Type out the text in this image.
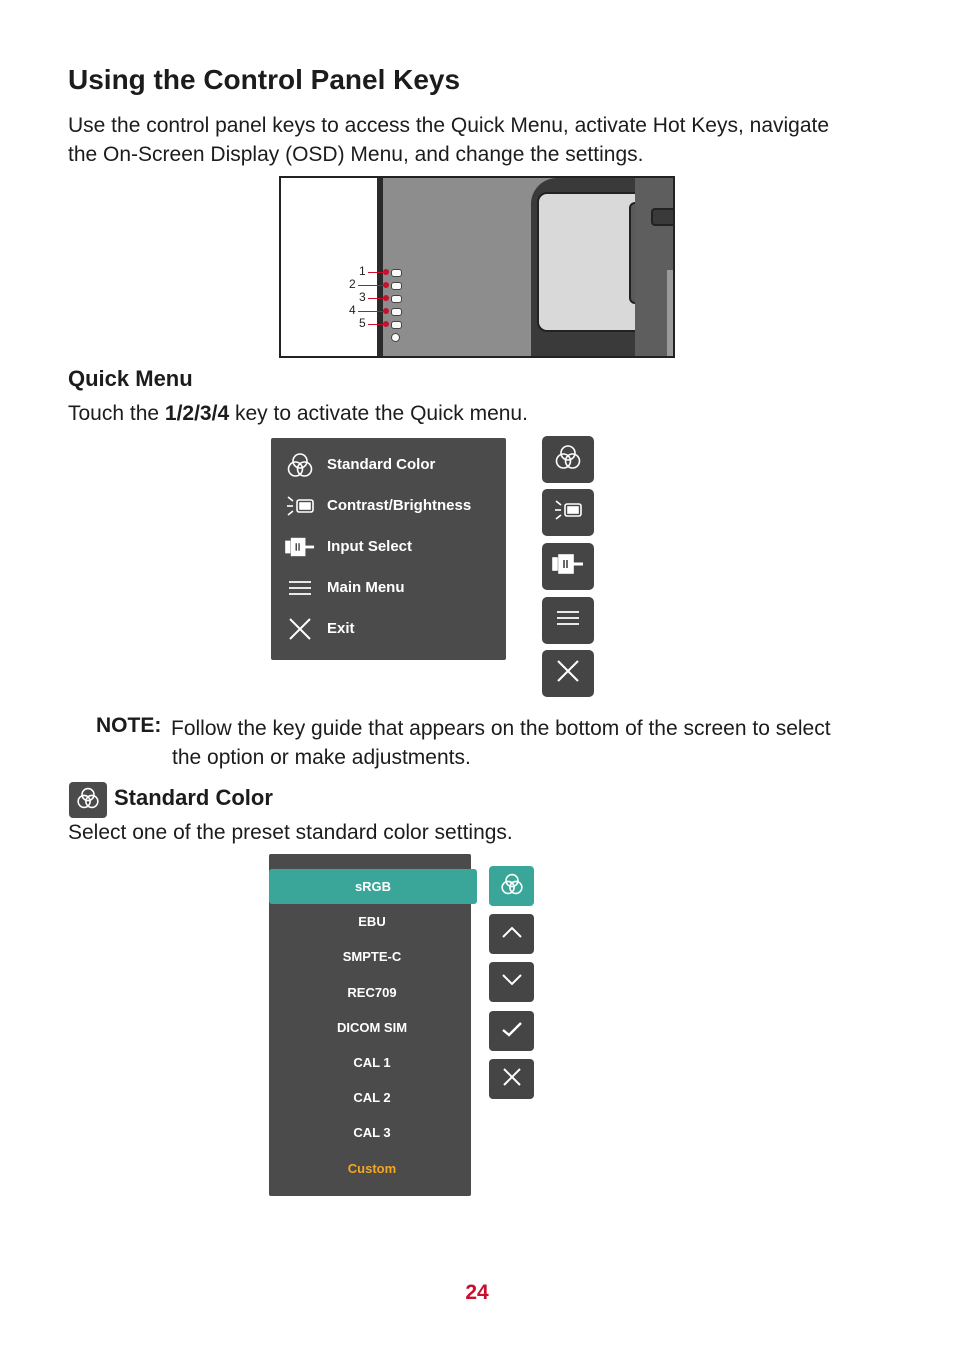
Using the Control Panel Keys
Use the control panel keys to access the Quick Menu, activate Hot Keys, navigate
the On-Screen Display (OSD) Menu, and change the settings.
1
2
3
4
5
Quick Menu
Touch the 1/2/3/4 key to activate the Quick menu.
Standard Color
Contrast/Brightness
Input Select
Main Menu
Exit
NOTE: Follow the key guide that appears on the bottom of the screen to select
the option or make adjustments.
Standard Color
Select one of the preset standard color settings.
sRGB
EBU
SMPTE-C
REC709
DICOM SIM
CAL 1
CAL 2
CAL 3
Custom
24
